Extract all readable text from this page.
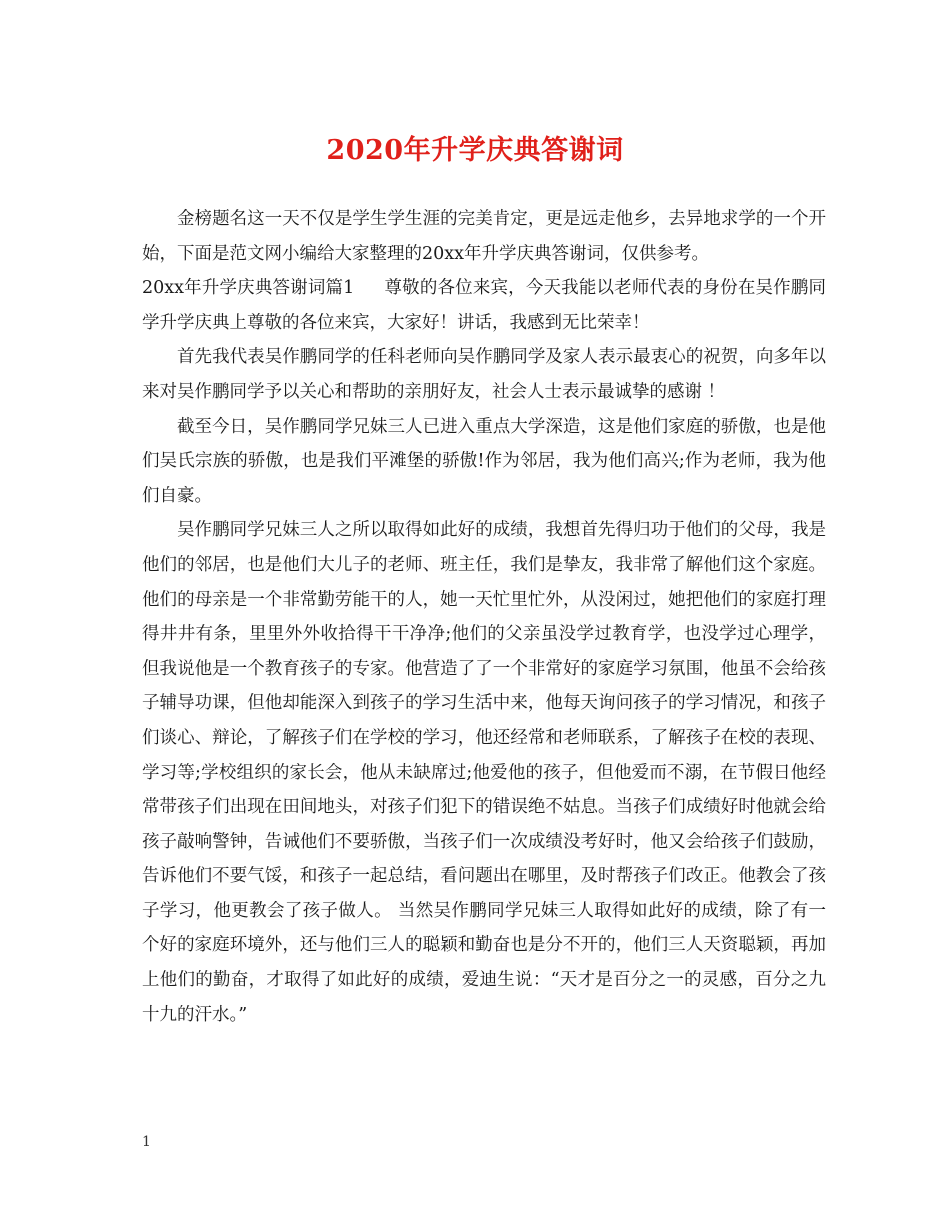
2020年升学庆典答谢词

金榜题名这一天不仅是学生学生涯的完美肯定，更是远走他乡，去异地求学的一个开始，下面是范文网小编给大家整理的20xx年升学庆典答谢词，仅供参考。

20xx年升学庆典答谢词篇1 尊敬的各位来宾，今天我能以老师代表的身份在吴作鹏同学升学庆典上尊敬的各位来宾，大家好！讲话，我感到无比荣幸！

首先我代表吴作鹏同学的任科老师向吴作鹏同学及家人表示最衷心的祝贺，向多年以来对吴作鹏同学予以关心和帮助的亲朋好友，社会人士表示最诚挚的感谢 ！

截至今日，吴作鹏同学兄妹三人已进入重点大学深造，这是他们家庭的骄傲，也是他们吴氏宗族的骄傲，也是我们平滩堡的骄傲!作为邻居，我为他们高兴;作为老师，我为他们自豪。

吴作鹏同学兄妹三人之所以取得如此好的成绩，我想首先得归功于他们的父母，我是他们的邻居，也是他们大儿子的老师、班主任，我们是挚友，我非常了解他们这个家庭。他们的母亲是一个非常勤劳能干的人，她一天忙里忙外，从没闲过，她把他们的家庭打理得井井有条，里里外外收拾得干干净净;他们的父亲虽没学过教育学，也没学过心理学，但我说他是一个教育孩子的专家。他营造了了一个非常好的家庭学习氛围，他虽不会给孩子辅导功课，但他却能深入到孩子的学习生活中来，他每天询问孩子的学习情况，和孩子们谈心、辩论，了解孩子们在学校的学习，他还经常和老师联系，了解孩子在校的表现、学习等;学校组织的家长会，他从未缺席过;他爱他的孩子，但他爱而不溺，在节假日他经常带孩子们出现在田间地头，对孩子们犯下的错误绝不姑息。当孩子们成绩好时他就会给孩子敲响警钟，告诫他们不要骄傲，当孩子们一次成绩没考好时，他又会给孩子们鼓励，告诉他们不要气馁，和孩子一起总结，看问题出在哪里，及时帮孩子们改正。他教会了孩子学习，他更教会了孩子做人。 当然吴作鹏同学兄妹三人取得如此好的成绩，除了有一个好的家庭环境外，还与他们三人的聪颖和勤奋也是分不开的，他们三人天资聪颖，再加上他们的勤奋，才取得了如此好的成绩，爱迪生说：“天才是百分之一的灵感，百分之九十九的汗水。”

1
